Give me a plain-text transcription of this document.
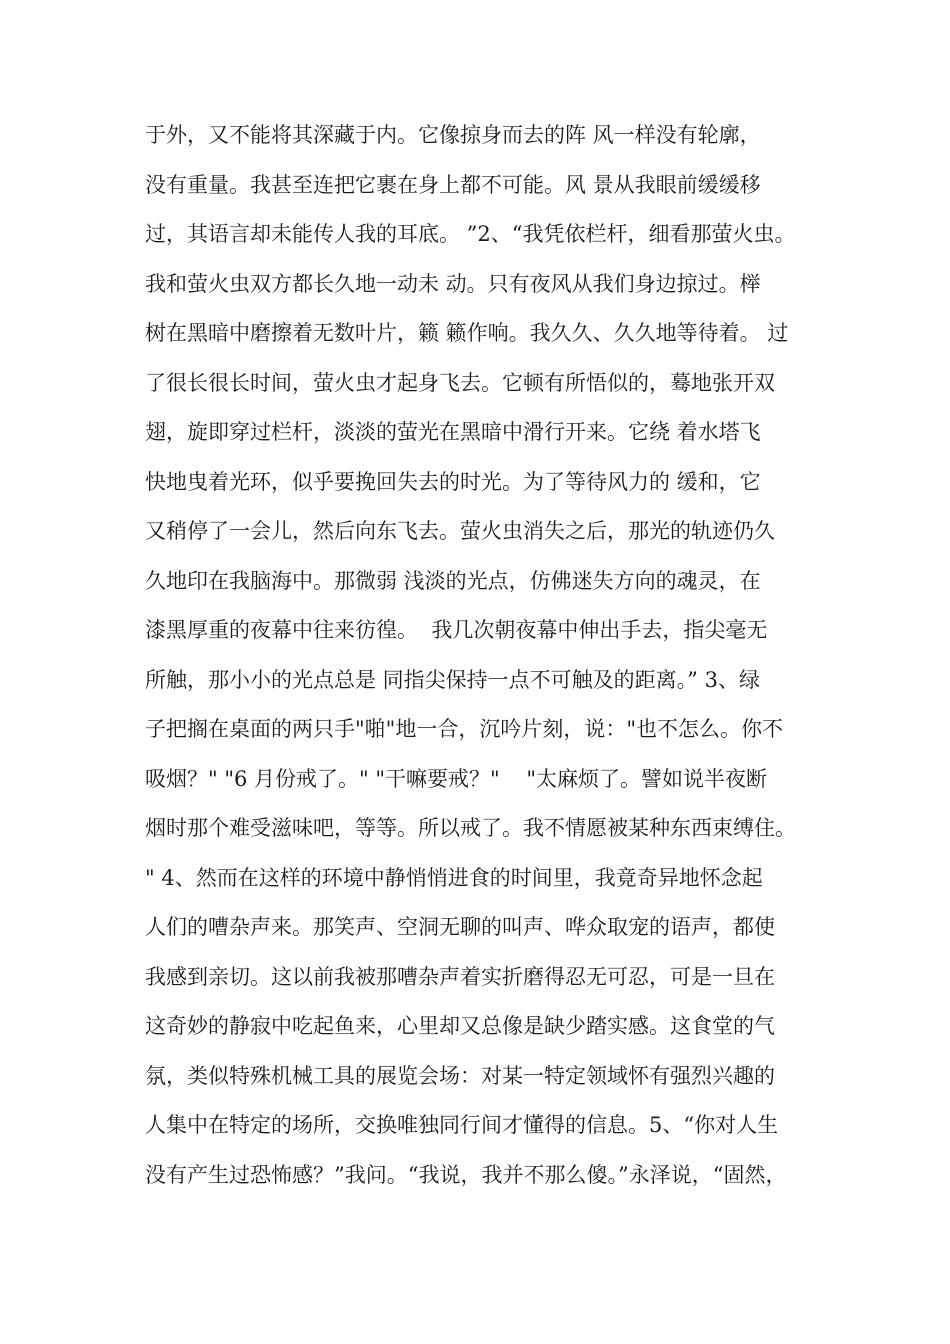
于外，又不能将其深藏于内。它像掠身而去的阵 风一样没有轮廓，
没有重量。我甚至连把它裹在身上都不可能。风 景从我眼前缓缓移
过，其语言却未能传人我的耳底。 ”2、“我凭依栏杆，细看那萤火虫。
我和萤火虫双方都长久地一动未 动。只有夜风从我们身边掠过。榉
树在黑暗中磨擦着无数叶片，籁 籁作响。我久久、久久地等待着。 过
了很长很长时间，萤火虫才起身飞去。它顿有所悟似的，蓦地张开双
翅，旋即穿过栏杆，淡淡的萤光在黑暗中滑行开来。它绕 着水塔飞
快地曳着光环，似乎要挽回失去的时光。为了等待风力的 缓和，它
又稍停了一会儿，然后向东飞去。萤火虫消失之后，那光的轨迹仍久
久地印在我脑海中。那微弱 浅淡的光点，仿佛迷失方向的魂灵，在
漆黑厚重的夜幕中往来彷徨。  我几次朝夜幕中伸出手去，指尖毫无
所触，那小小的光点总是 同指尖保持一点不可触及的距离。” 3、绿
子把搁在桌面的两只手"啪"地一合，沉吟片刻，说："也不怎么。你不
吸烟？" "6 月份戒了。" "干嘛要戒？"    "太麻烦了。譬如说半夜断
烟时那个难受滋味吧，等等。所以戒了。我不情愿被某种东西束缚住。
" 4、然而在这样的环境中静悄悄进食的时间里，我竟奇异地怀念起
人们的嘈杂声来。那笑声、空洞无聊的叫声、哗众取宠的语声，都使
我感到亲切。这以前我被那嘈杂声着实折磨得忍无可忍，可是一旦在
这奇妙的静寂中吃起鱼来，心里却又总像是缺少踏实感。这食堂的气
氛，类似特殊机械工具的展览会场：对某一特定领域怀有强烈兴趣的
人集中在特定的场所，交换唯独同行间才懂得的信息。5、“你对人生
没有产生过恐怖感？”我问。“我说，我并不那么傻。”永泽说，“固然，
